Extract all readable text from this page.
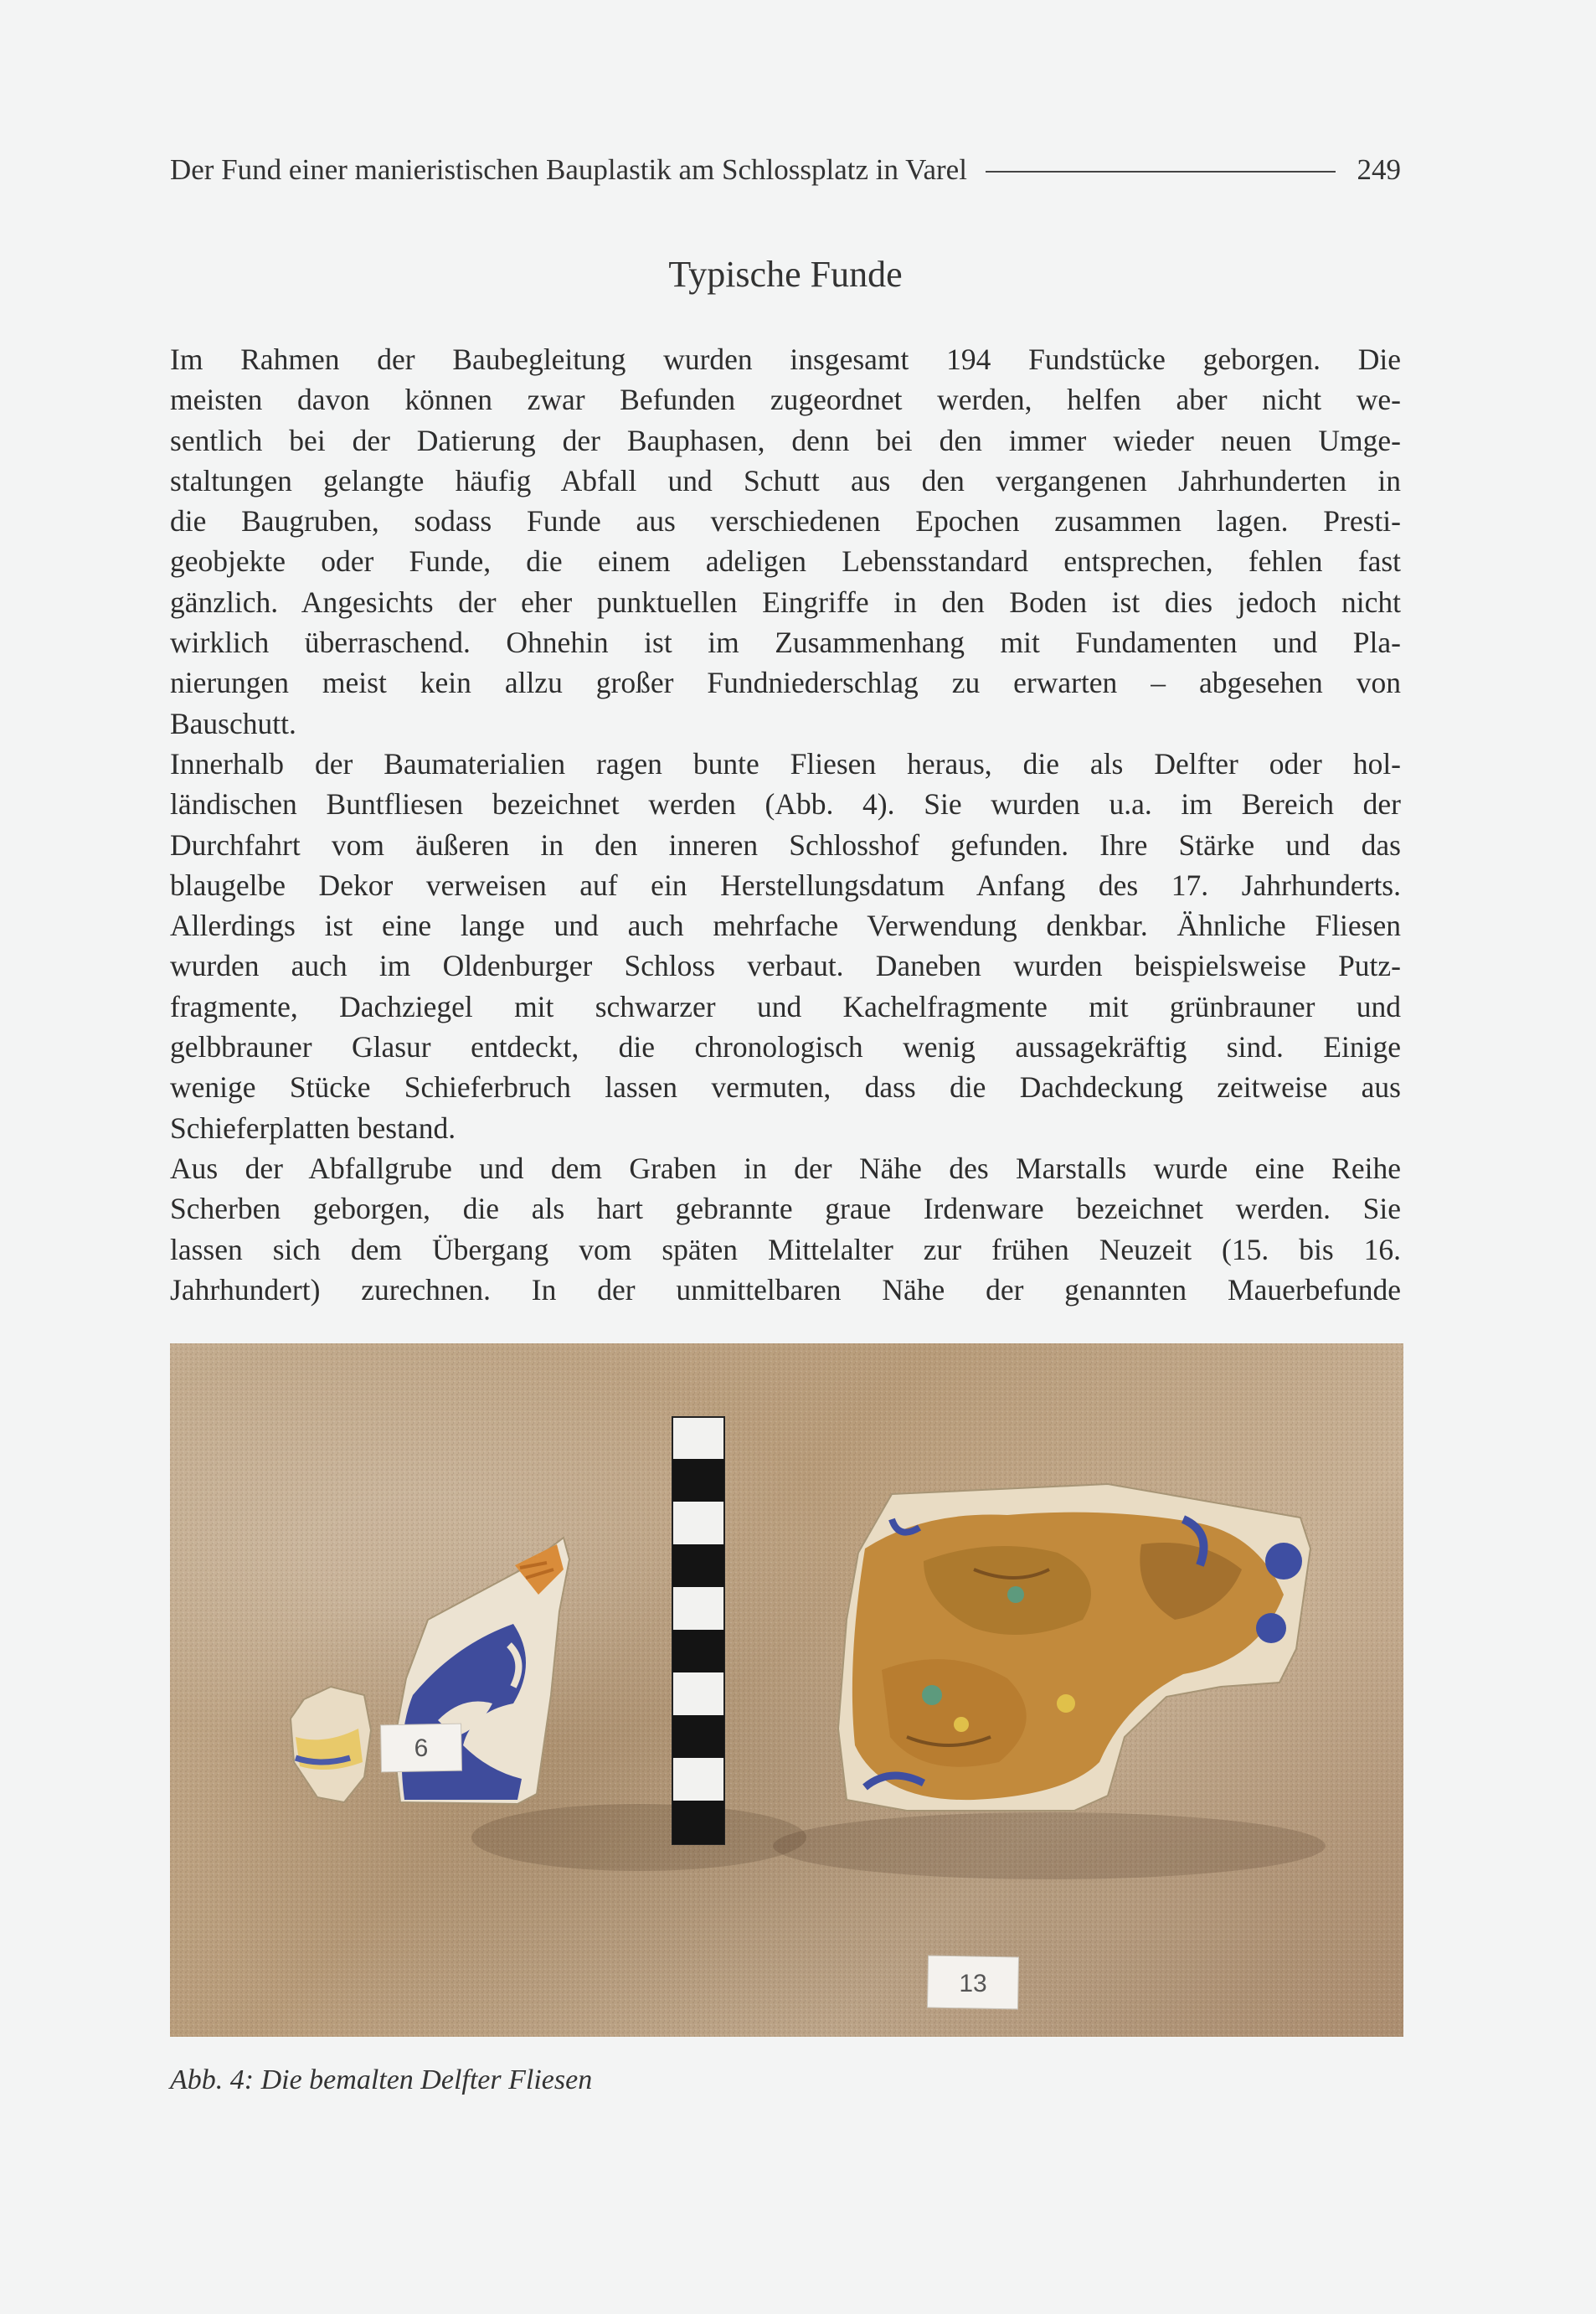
Der Fund einer manieristischen Bauplastik am Schlossplatz in Varel	249
Typische Funde
Im Rahmen der Baubegleitung wurden insgesamt 194 Fundstücke geborgen. Die
meisten davon können zwar Befunden zugeordnet werden, helfen aber nicht we-
sentlich bei der Datierung der Bauphasen, denn bei den immer wieder neuen Umge-
staltungen gelangte häufig Abfall und Schutt aus den vergangenen Jahrhunderten in
die Baugruben, sodass Funde aus verschiedenen Epochen zusammen lagen. Presti-
geobjekte oder Funde, die einem adeligen Lebensstandard entsprechen, fehlen fast
gänzlich. Angesichts der eher punktuellen Eingriffe in den Boden ist dies jedoch nicht
wirklich überraschend. Ohnehin ist im Zusammenhang mit Fundamenten und Pla-
nierungen meist kein allzu großer Fundniederschlag zu erwarten – abgesehen von
Bauschutt.
Innerhalb der Baumaterialien ragen bunte Fliesen heraus, die als Delfter oder hol-
ländischen Buntfliesen bezeichnet werden (Abb. 4). Sie wurden u.a. im Bereich der
Durchfahrt vom äußeren in den inneren Schlosshof gefunden. Ihre Stärke und das
blaugelbe Dekor verweisen auf ein Herstellungsdatum Anfang des 17. Jahrhunderts.
Allerdings ist eine lange und auch mehrfache Verwendung denkbar. Ähnliche Fliesen
wurden auch im Oldenburger Schloss verbaut. Daneben wurden beispielsweise Putz-
fragmente, Dachziegel mit schwarzer und Kachelfragmente mit grünbrauner und
gelbbrauner Glasur entdeckt, die chronologisch wenig aussagekräftig sind. Einige
wenige Stücke Schieferbruch lassen vermuten, dass die Dachdeckung zeitweise aus
Schieferplatten bestand.
Aus der Abfallgrube und dem Graben in der Nähe des Marstalls wurde eine Reihe
Scherben geborgen, die als hart gebrannte graue Irdenware bezeichnet werden. Sie
lassen sich dem Übergang vom späten Mittelalter zur frühen Neuzeit (15. bis 16.
Jahrhundert) zurechnen. In der unmittelbaren Nähe der genannten Mauerbefunde
6
13
Abb. 4: Die bemalten Delfter Fliesen
